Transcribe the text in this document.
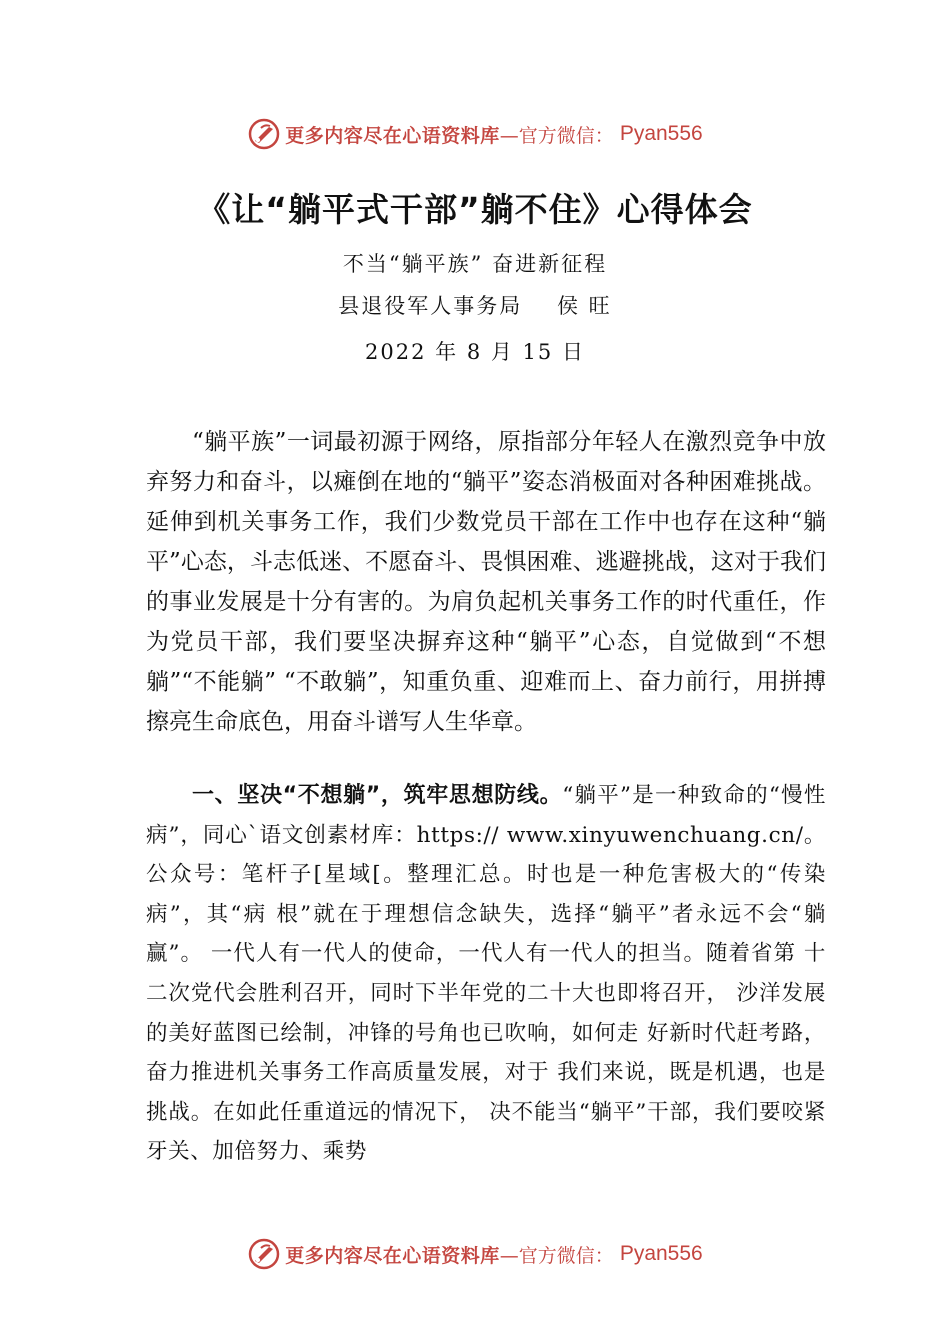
更多内容尽在心语资料库 —官方微信： Pyan556
《让“躺平式干部”躺不住》心得体会
不当“躺平族” 奋进新征程
县退役军人事务局    侯 旺
2022 年 8 月 15 日

“躺平族”一词最初源于网络，原指部分年轻人在激烈竞争中放弃努力和奋斗，以瘫倒在地的“躺平”姿态消极面对各种困难挑战。延伸到机关事务工作，我们少数党员干部在工作中也存在这种“躺平”心态，斗志低迷、不愿奋斗、畏惧困难、逃避挑战，这对于我们的事业发展是十分有害的。为肩负起机关事务工作的时代重任，作为党员干部，我们要坚决摒弃这种“躺平”心态，自觉做到“不想躺”“不能躺” “不敢躺”，知重负重、迎难而上、奋力前行，用拼搏擦亮生命底色，用奋斗谱写人生华章。

一、坚决“不想躺”，筑牢思想防线。“躺平”是一种致命的“慢性病”，同心`语文创素材库：https:// www.xinyuwenchuang.cn/。公众号：笔杆子[星域[。整理汇总。时也是一种危害极大的“传染病”，其“病 根”就在于理想信念缺失，选择“躺平”者永远不会“躺赢”。 一代人有一代人的使命，一代人有一代人的担当。随着省第 十二次党代会胜利召开，同时下半年党的二十大也即将召开， 沙洋发展的美好蓝图已绘制，冲锋的号角也已吹响，如何走 好新时代赶考路，奋力推进机关事务工作高质量发展，对于 我们来说，既是机遇，也是挑战。在如此任重道远的情况下， 决不能当“躺平”干部，我们要咬紧牙关、加倍努力、乘势

更多内容尽在心语资料库 —官方微信： Pyan556
